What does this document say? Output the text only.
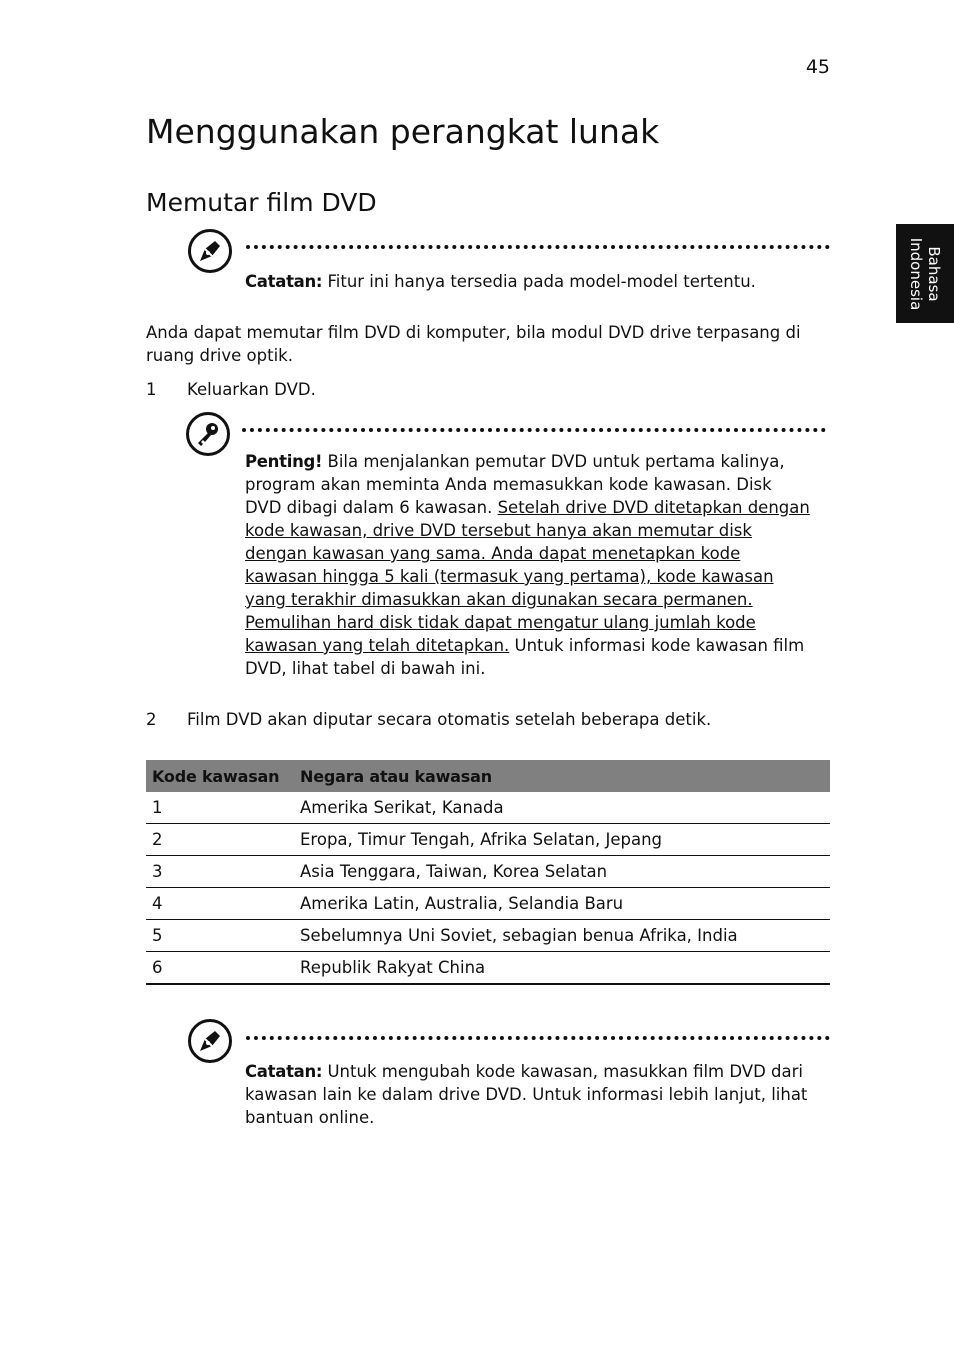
45
Bahasa Indonesia
Menggunakan perangkat lunak
Memutar film DVD
Catatan: Fitur ini hanya tersedia pada model-model tertentu.
Anda dapat memutar film DVD di komputer, bila modul DVD drive terpasang di ruang drive optik.
1 Keluarkan DVD.
Penting! Bila menjalankan pemutar DVD untuk pertama kalinya, program akan meminta Anda memasukkan kode kawasan. Disk DVD dibagi dalam 6 kawasan. Setelah drive DVD ditetapkan dengan kode kawasan, drive DVD tersebut hanya akan memutar disk dengan kawasan yang sama. Anda dapat menetapkan kode kawasan hingga 5 kali (termasuk yang pertama), kode kawasan yang terakhir dimasukkan akan digunakan secara permanen. Pemulihan hard disk tidak dapat mengatur ulang jumlah kode kawasan yang telah ditetapkan. Untuk informasi kode kawasan film DVD, lihat tabel di bawah ini.
2 Film DVD akan diputar secara otomatis setelah beberapa detik.
Kode kawasan	Negara atau kawasan
1	Amerika Serikat, Kanada
2	Eropa, Timur Tengah, Afrika Selatan, Jepang
3	Asia Tenggara, Taiwan, Korea Selatan
4	Amerika Latin, Australia, Selandia Baru
5	Sebelumnya Uni Soviet, sebagian benua Afrika, India
6	Republik Rakyat China
Catatan: Untuk mengubah kode kawasan, masukkan film DVD dari kawasan lain ke dalam drive DVD. Untuk informasi lebih lanjut, lihat bantuan online.
